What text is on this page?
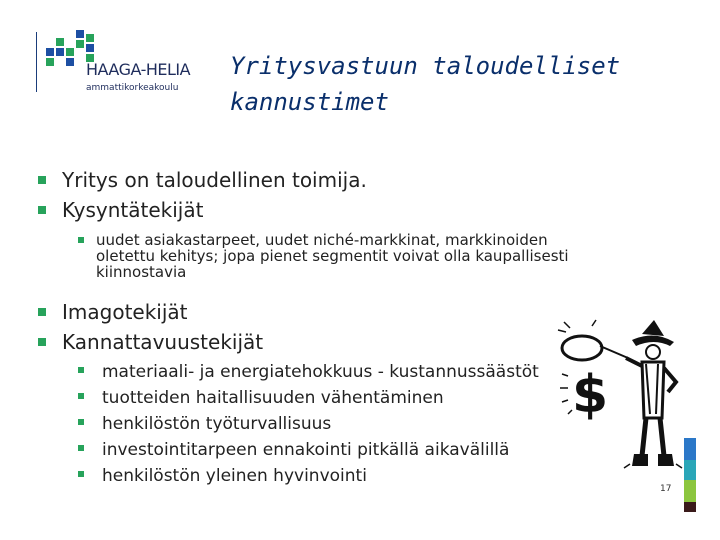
HAAGA-HELIA
ammattikorkeakoulu
Yritysvastuun taloudelliset
kannustimet
Yritys on taloudellinen toimija.
Kysyntätekijät
uudet asiakastarpeet, uudet niché-markkinat, markkinoiden oletettu kehitys; jopa pienet segmentit voivat olla kaupallisesti kiinnostavia
Imagotekijät
Kannattavuustekijät
materiaali- ja energiatehokkuus - kustannussäästöt
tuotteiden haitallisuuden vähentäminen
henkilöstön työturvallisuus
investointitarpeen ennakointi pitkällä aikavälillä
henkilöstön yleinen hyvinvointi
$
17
